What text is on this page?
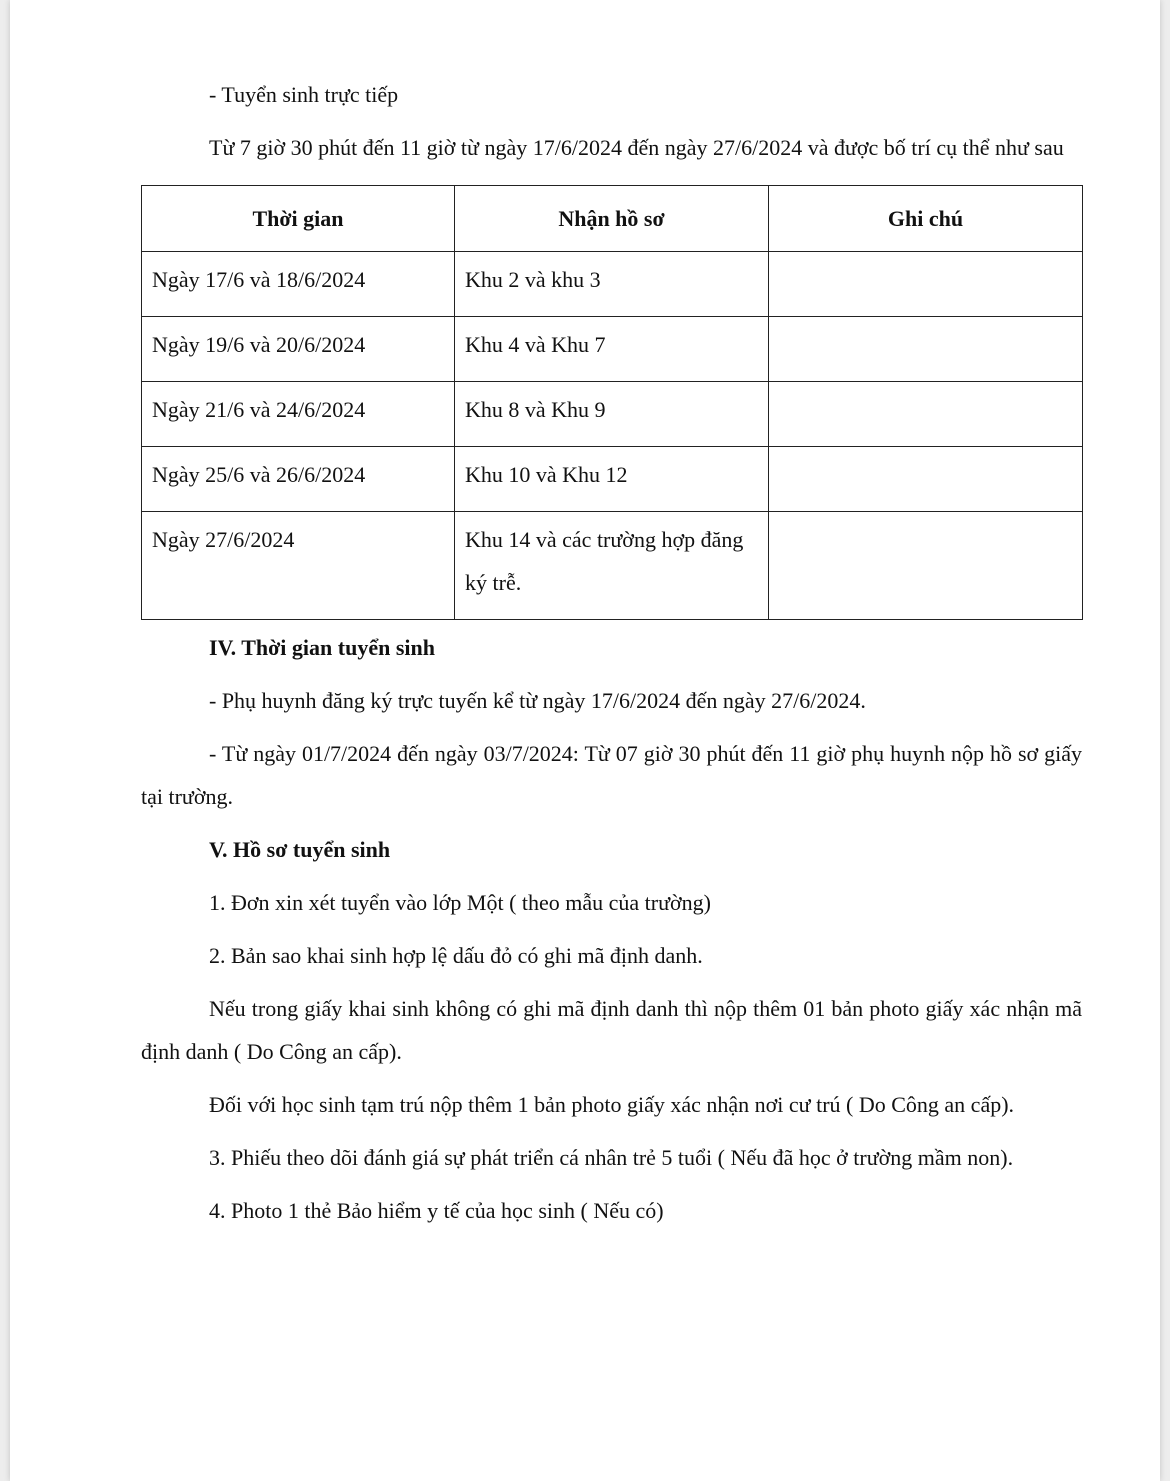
- Tuyển sinh trực tiếp

Từ 7 giờ 30 phút đến 11 giờ từ ngày 17/6/2024 đến ngày 27/6/2024 và được bố trí cụ thể như sau

Thời gian	Nhận hồ sơ	Ghi chú
Ngày 17/6 và 18/6/2024	Khu 2 và khu 3	
Ngày 19/6 và 20/6/2024	Khu 4 và Khu 7	
Ngày 21/6 và 24/6/2024	Khu 8 và Khu 9	
Ngày 25/6 và 26/6/2024	Khu 10 và Khu 12	
Ngày 27/6/2024	Khu 14 và các trường hợp đăng ký trễ.	

IV. Thời gian tuyển sinh

- Phụ huynh đăng ký trực tuyến kể từ ngày 17/6/2024 đến ngày 27/6/2024.

- Từ ngày 01/7/2024 đến ngày 03/7/2024: Từ 07 giờ 30 phút đến 11 giờ phụ huynh nộp hồ sơ giấy tại trường.

V. Hồ sơ tuyển sinh

1. Đơn xin xét tuyển vào lớp Một ( theo mẫu của trường)

2. Bản sao khai sinh hợp lệ dấu đỏ có ghi mã định danh.

Nếu trong giấy khai sinh không có ghi mã định danh thì nộp thêm 01 bản photo giấy xác nhận mã định danh ( Do Công an cấp).

Đối với học sinh tạm trú nộp thêm 1 bản photo giấy xác nhận nơi cư trú ( Do Công an cấp).

3. Phiếu theo dõi đánh giá sự phát triển cá nhân trẻ 5 tuổi ( Nếu đã học ở trường mầm non).

4. Photo 1 thẻ Bảo hiểm y tế của học sinh ( Nếu có)
